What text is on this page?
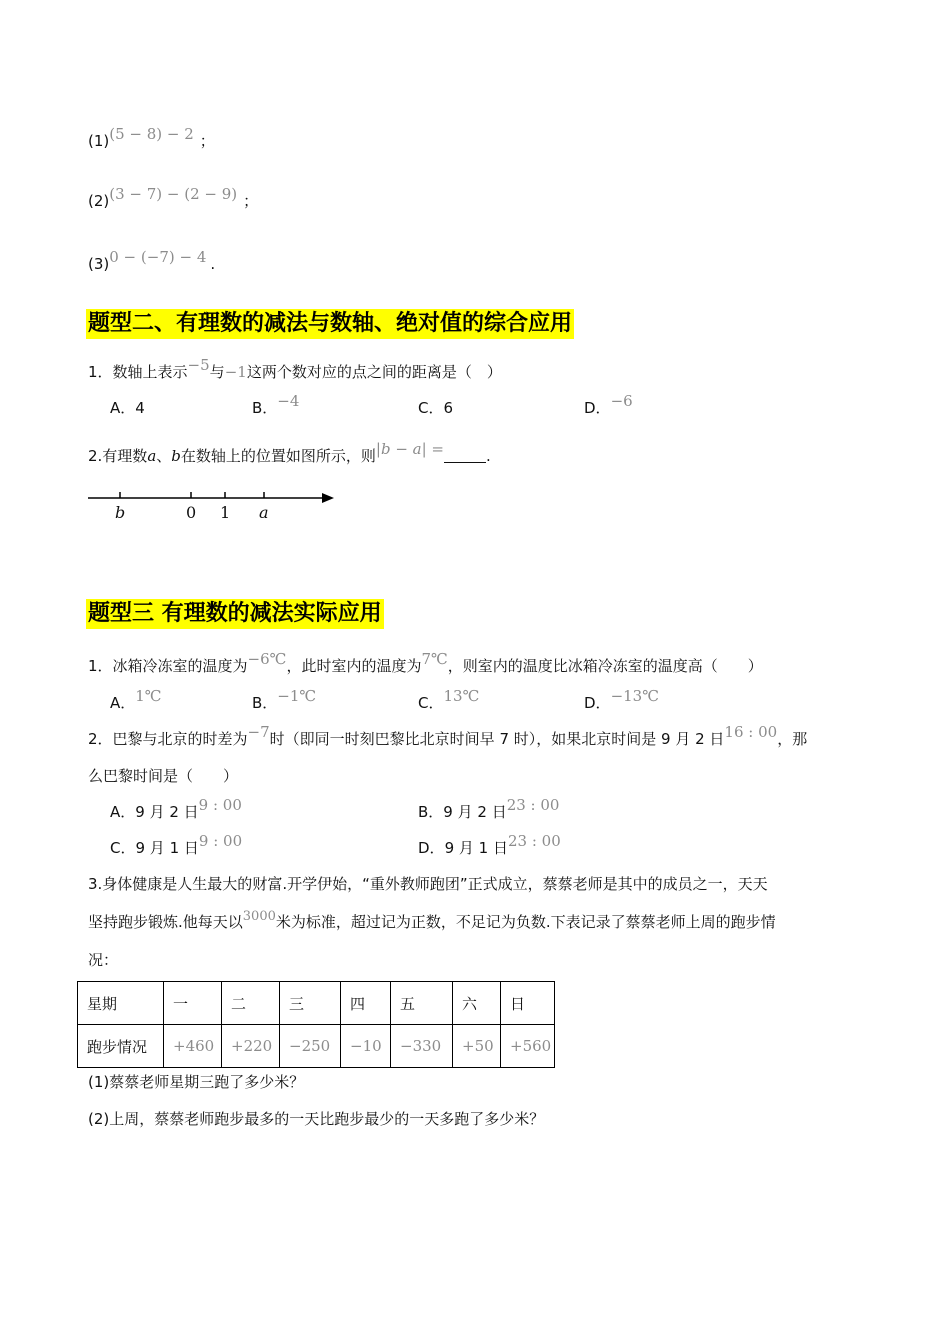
(1)(5 − 8) − 2 ；
(2)(3 − 7) − (2 − 9) ；
(3)0 − (−7) − 4 .
题型二、有理数的减法与数轴、绝对值的综合应用
1．数轴上表示−5与−1这两个数对应的点之间的距离是（　）
A．4	B．−4	C．6	D．−6
2.有理数a、b在数轴上的位置如图所示，则|b − a| =	.
b	0 1 a
题型三 有理数的减法实际应用
1．冰箱冷冻室的温度为−6℃，此时室内的温度为7℃，则室内的温度比冰箱冷冻室的温度高（　　）
A．1℃	B．−1℃	C．13℃	D．−13℃
2．巴黎与北京的时差为−7时（即同一时刻巴黎比北京时间早 7 时），如果北京时间是 9 月 2 日16 : 00，那
么巴黎时间是（　　）
A．9 月 2 日9 : 00	B．9 月 2 日23 : 00
C．9 月 1 日9 : 00	D．9 月 1 日23 : 00
3.身体健康是人生最大的财富.开学伊始，“重外教师跑团”正式成立，蔡蔡老师是其中的成员之一，天天
坚持跑步锻炼.他每天以3000米为标准，超过记为正数，不足记为负数.下表记录了蔡蔡老师上周的跑步情
况：
星期	一	二	三	四	五	六	日
跑步情况	+460	+220	−250	−10	−330	+50	+560
(1)蔡蔡老师星期三跑了多少米？
(2)上周，蔡蔡老师跑步最多的一天比跑步最少的一天多跑了多少米？
